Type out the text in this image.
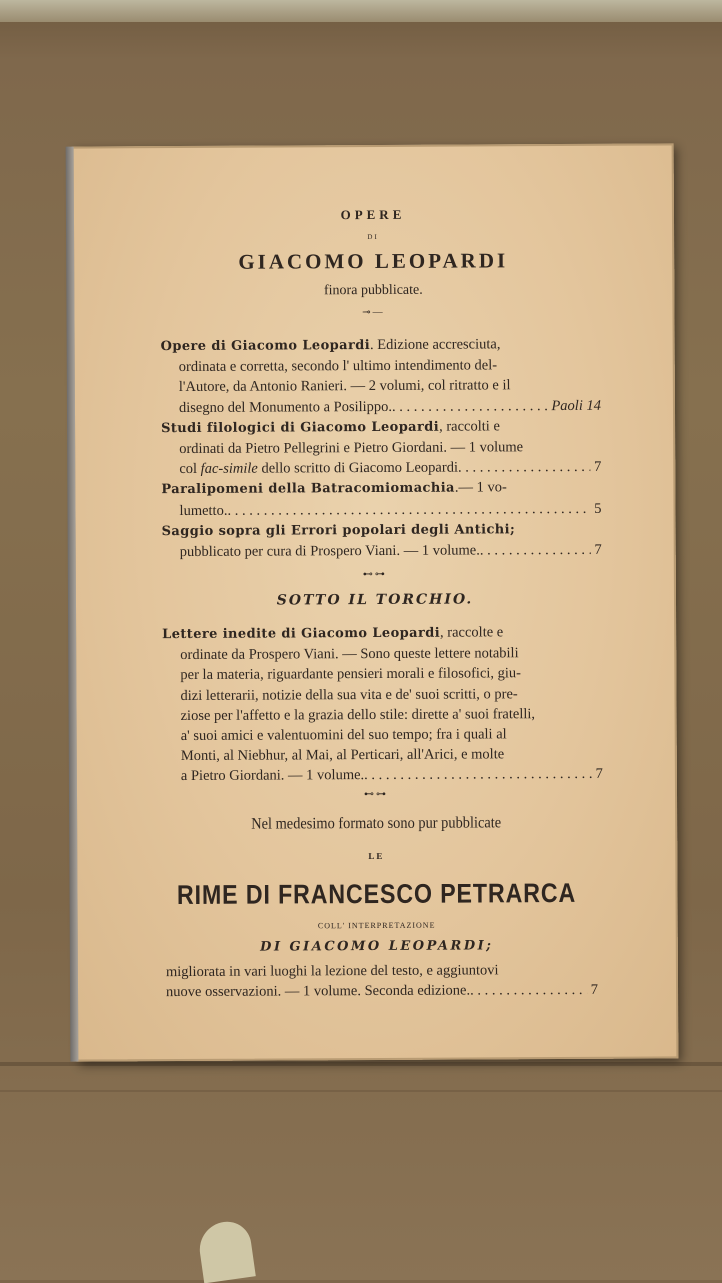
OPERE
DI
GIACOMO LEOPARDI
finora pubblicate.
⊸—
Opere di Giacomo Leopardi. Edizione accresciuta,
ordinata e corretta, secondo l' ultimo intendimento del-
l'Autore, da Antonio Ranieri. — 2 volumi, col ritratto e il
disegno del Monumento a Posilippo. . . .	Paoli 14
Studi filologici di Giacomo Leopardi, raccolti e
ordinati da Pietro Pellegrini e Pietro Giordani. — 1 volume
col fac-simile dello scritto di Giacomo Leopardi . . .	7
Paralipomeni della Batracomiomachia.— 1 vo-
lumetto. . . .	5
Saggio sopra gli Errori popolari degli Antichi;
pubblicato per cura di Prospero Viani. — 1 volume. . . .	7
⊷⊶
SOTTO IL TORCHIO.
Lettere inedite di Giacomo Leopardi, raccolte e
ordinate da Prospero Viani. — Sono queste lettere notabili
per la materia, riguardante pensieri morali e filosofici, giu-
dizi letterarii, notizie della sua vita e de' suoi scritti, o pre-
ziose per l'affetto e la grazia dello stile: dirette a' suoi fratelli,
a' suoi amici e valentuomini del suo tempo; fra i quali al
Monti, al Niebhur, al Mai, al Perticari, all'Arici, e molte
a Pietro Giordani. — 1 volume. . . .	7
⊷⊶
Nel medesimo formato sono pur pubblicate
LE
RIME DI FRANCESCO PETRARCA
COLL' INTERPRETAZIONE
DI GIACOMO LEOPARDI;
migliorata in vari luoghi la lezione del testo, e aggiuntovi
nuove osservazioni. — 1 volume. Seconda edizione. . . .	7
